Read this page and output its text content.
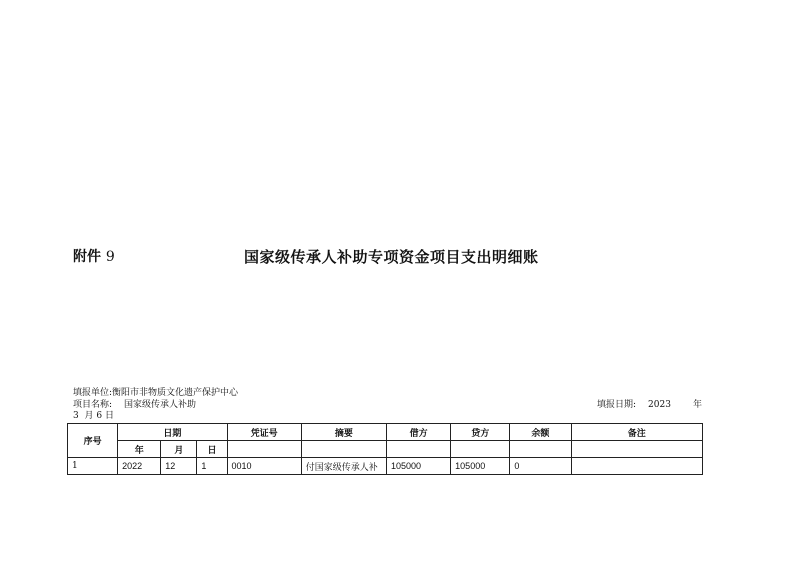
附件 9	国家级传承人补助专项资金项目支出明细账
填报单位:衡阳市非物质文化遗产保护中心
项目名称: 国家级传承人补助	填报日期: 2023 年
3 月 6 日
序号	日期			凭证号	摘要	借方	贷方	余额	备注
	年	月	日						
1	2022	12	1	0010	付国家级传承人补	105000	105000	0	
